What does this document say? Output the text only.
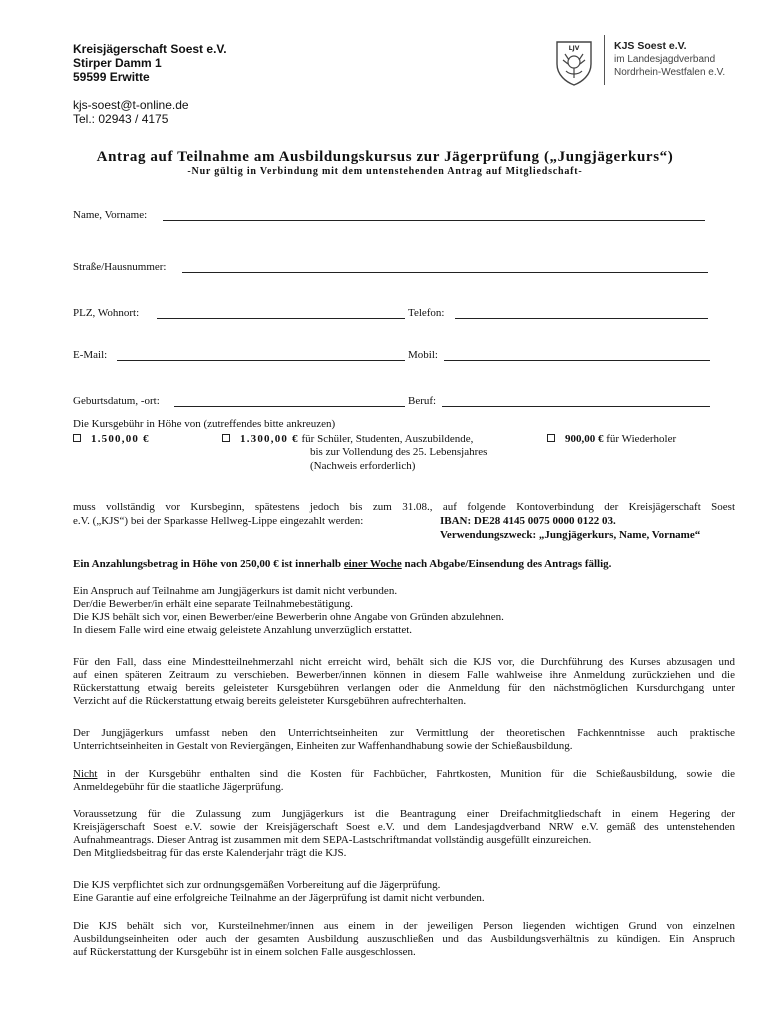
Kreisjägerschaft Soest e.V.
Stirper Damm 1
59599 Erwitte
kjs-soest@t-online.de
Tel.: 02943 / 4175
LJV	KJS Soest e.V.
im Landesjagdverband
Nordrhein-Westfalen e.V.
Antrag auf Teilnahme am Ausbildungskursus zur Jägerprüfung („Jungjägerkurs“)
-Nur gültig in Verbindung mit dem untenstehenden Antrag auf Mitgliedschaft-
Name, Vorname:
Straße/Hausnummer:
PLZ, Wohnort:	Telefon:
E-Mail:	Mobil:
Geburtsdatum, -ort:	Beruf:
Die Kursgebühr in Höhe von (zutreffendes bitte ankreuzen)
1.500,00 €	1.300,00 € für Schüler, Studenten, Auszubildende,
bis zur Vollendung des 25. Lebensjahres
(Nachweis erforderlich)
900,00 € für Wiederholer
muss vollständig vor Kursbeginn, spätestens jedoch bis zum 31.08., auf folgende Kontoverbindung der Kreisjägerschaft Soest
e.V. („KJS“) bei der Sparkasse Hellweg-Lippe eingezahlt werden:	IBAN: DE28 4145 0075 0000 0122 03.
Verwendungszweck: „Jungjägerkurs, Name, Vorname“
Ein Anzahlungsbetrag in Höhe von 250,00 € ist innerhalb einer Woche nach Abgabe/Einsendung des Antrags fällig.
Ein Anspruch auf Teilnahme am Jungjägerkurs ist damit nicht verbunden.
Der/die Bewerber/in erhält eine separate Teilnahmebestätigung.
Die KJS behält sich vor, einen Bewerber/eine Bewerberin ohne Angabe von Gründen abzulehnen.
In diesem Falle wird eine etwaig geleistete Anzahlung unverzüglich erstattet.
Für den Fall, dass eine Mindestteilnehmerzahl nicht erreicht wird, behält sich die KJS vor, die Durchführung des Kurses abzusagen und
auf einen späteren Zeitraum zu verschieben. Bewerber/innen können in diesem Falle wahlweise ihre Anmeldung zurückziehen und die
Rückerstattung etwaig bereits geleisteter Kursgebühren verlangen oder die Anmeldung für den nächstmöglichen Kursdurchgang unter
Verzicht auf die Rückerstattung etwaig bereits geleisteter Kursgebühren aufrechterhalten.
Der Jungjägerkurs umfasst neben den Unterrichtseinheiten zur Vermittlung der theoretischen Fachkenntnisse auch praktische
Unterrichtseinheiten in Gestalt von Reviergängen, Einheiten zur Waffenhandhabung sowie der Schießausbildung.
Nicht in der Kursgebühr enthalten sind die Kosten für Fachbücher, Fahrtkosten, Munition für die Schießausbildung, sowie die
Anmeldegebühr für die staatliche Jägerprüfung.
Voraussetzung für die Zulassung zum Jungjägerkurs ist die Beantragung einer Dreifachmitgliedschaft in einem Hegering der
Kreisjägerschaft Soest e.V. sowie der Kreisjägerschaft Soest e.V. und dem Landesjagdverband NRW e.V. gemäß des untenstehenden
Aufnahmeantrags. Dieser Antrag ist zusammen mit dem SEPA-Lastschriftmandat vollständig ausgefüllt einzureichen.
Den Mitgliedsbeitrag für das erste Kalenderjahr trägt die KJS.
Die KJS verpflichtet sich zur ordnungsgemäßen Vorbereitung auf die Jägerprüfung.
Eine Garantie auf eine erfolgreiche Teilnahme an der Jägerprüfung ist damit nicht verbunden.
Die KJS behält sich vor, Kursteilnehmer/innen aus einem in der jeweiligen Person liegenden wichtigen Grund von einzelnen
Ausbildungseinheiten oder auch der gesamten Ausbildung auszuschließen und das Ausbildungsverhältnis zu kündigen. Ein Anspruch
auf Rückerstattung der Kursgebühr ist in einem solchen Falle ausgeschlossen.
